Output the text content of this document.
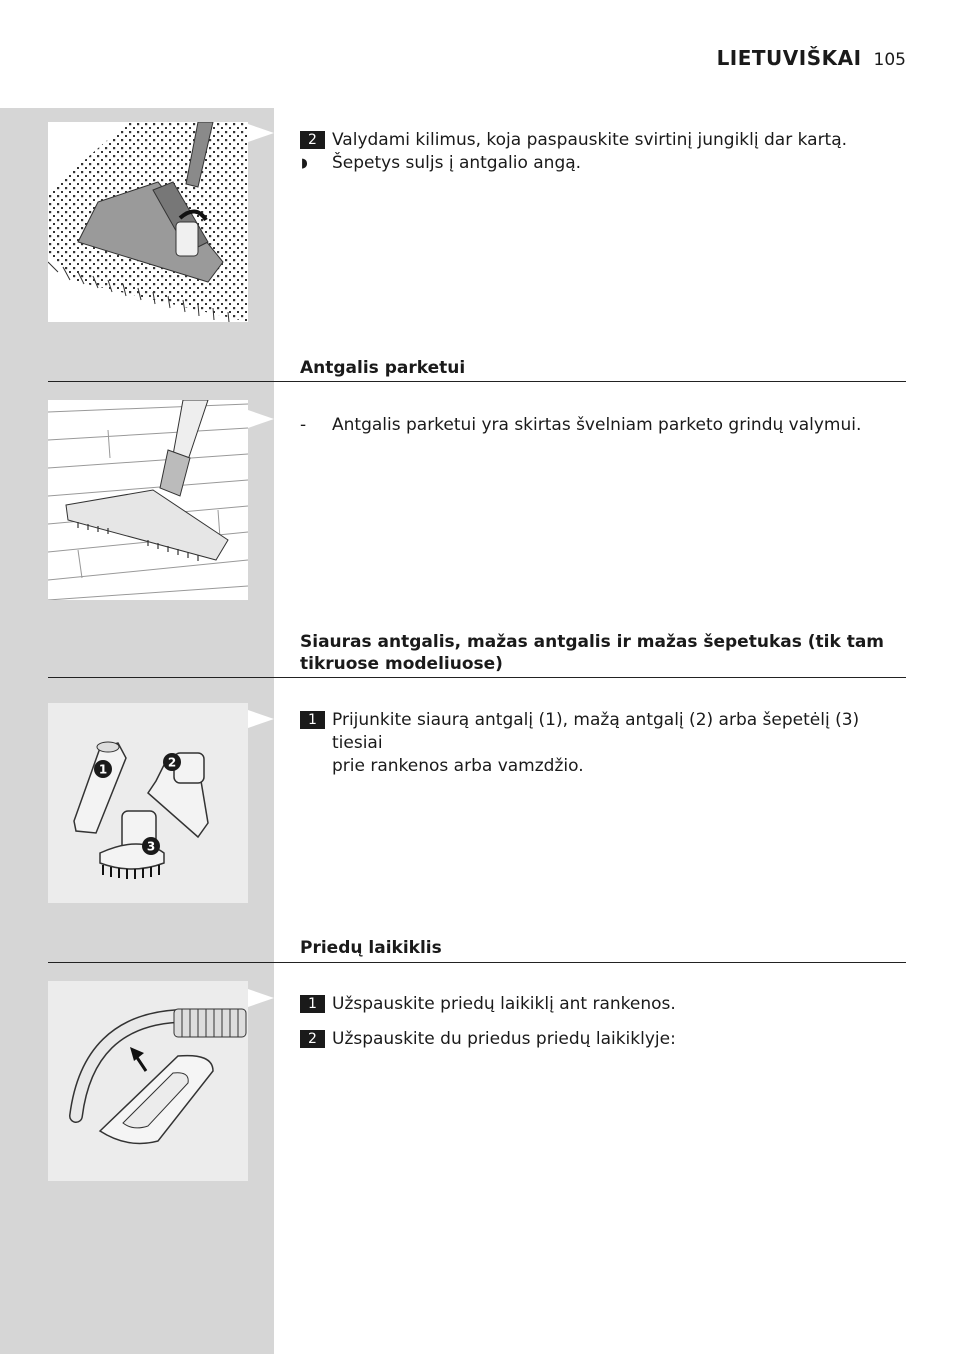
LIETUVIŠKAI 105
2 Valydami kilimus, koja paspauskite svirtinį jungiklį dar kartą.
◗ Šepetys suljs į antgalio angą.
Antgalis parketui
- Antgalis parketui yra skirtas švelniam parketo grindų valymui.
Siauras antgalis, mažas antgalis ir mažas šepetukas (tik tam
tikruose modeliuose)
1	2
3
1 Prijunkite siaurą antgalį (1), mažą antgalį (2) arba šepetėlį (3) tiesiai
prie rankenos arba vamzdžio.
Priedų laikiklis
1 Užspauskite priedų laikiklį ant rankenos.
2 Užspauskite du priedus priedų laikiklyje:
